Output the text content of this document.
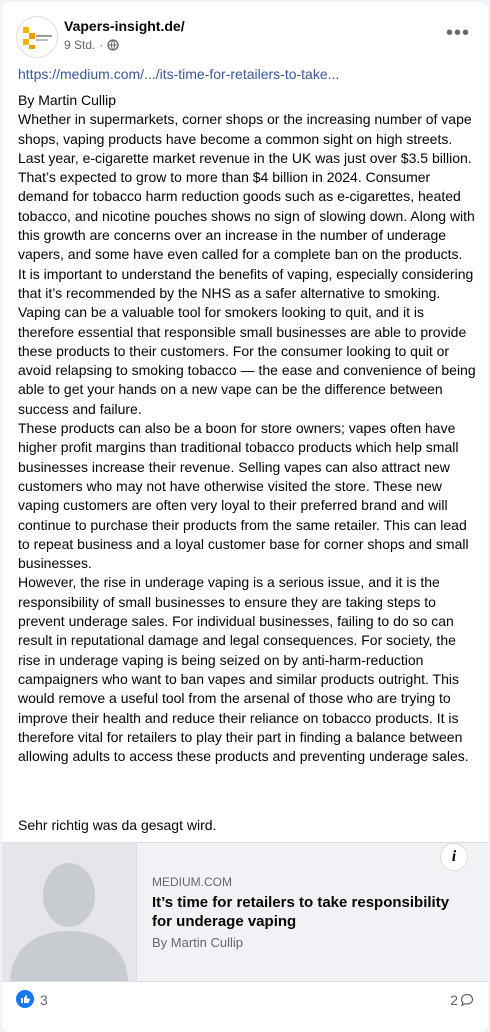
Vapers-insight.de/
9 Std. ·
•••
https://medium.com/.../its-time-for-retailers-to-take...

By Martin Cullip

Whether in supermarkets, corner shops or the increasing number of vape shops, vaping products have become a common sight on high streets. Last year, e-cigarette market revenue in the UK was just over $3.5 billion. That’s expected to grow to more than $4 billion in 2024. Consumer demand for tobacco harm reduction goods such as e-cigarettes, heated tobacco, and nicotine pouches shows no sign of slowing down. Along with this growth are concerns over an increase in the number of underage vapers, and some have even called for a complete ban on the products.

It is important to understand the benefits of vaping, especially considering that it’s recommended by the NHS as a safer alternative to smoking. Vaping can be a valuable tool for smokers looking to quit, and it is therefore essential that responsible small businesses are able to provide these products to their customers. For the consumer looking to quit or avoid relapsing to smoking tobacco — the ease and convenience of being able to get your hands on a new vape can be the difference between success and failure.

These products can also be a boon for store owners; vapes often have higher profit margins than traditional tobacco products which help small businesses increase their revenue. Selling vapes can also attract new customers who may not have otherwise visited the store. These new vaping customers are often very loyal to their preferred brand and will continue to purchase their products from the same retailer. This can lead to repeat business and a loyal customer base for corner shops and small businesses.

However, the rise in underage vaping is a serious issue, and it is the responsibility of small businesses to ensure they are taking steps to prevent underage sales. For individual businesses, failing to do so can result in reputational damage and legal consequences. For society, the rise in underage vaping is being seized on by anti-harm-reduction campaigners who want to ban vapes and similar products outright. This would remove a useful tool from the arsenal of those who are trying to improve their health and reduce their reliance on tobacco products. It is therefore vital for retailers to play their part in finding a balance between allowing adults to access these products and preventing underage sales.

Sehr richtig was da gesagt wird.
i
MEDIUM.COM
It’s time for retailers to take responsibility for underage vaping
By Martin Cullip
3	2
